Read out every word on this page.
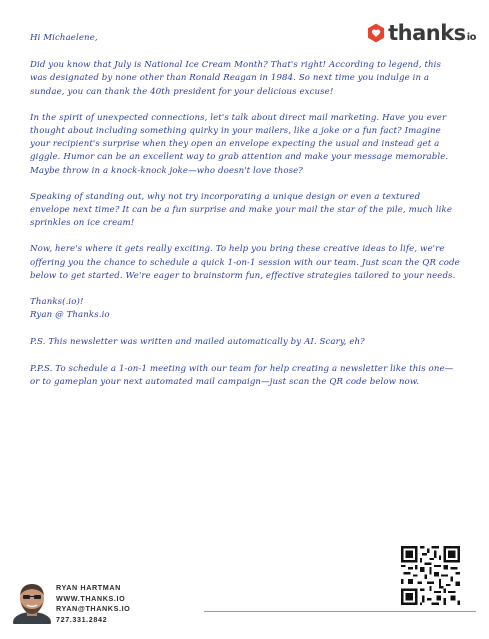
thanksio

Hi Michaelene,

Did you know that July is National Ice Cream Month? That's right! According to legend, this was designated by none other than Ronald Reagan in 1984. So next time you indulge in a sundae, you can thank the 40th president for your delicious excuse!

In the spirit of unexpected connections, let's talk about direct mail marketing. Have you ever thought about including something quirky in your mailers, like a joke or a fun fact? Imagine your recipient's surprise when they open an envelope expecting the usual and instead get a giggle. Humor can be an excellent way to grab attention and make your message memorable. Maybe throw in a knock-knock joke—who doesn't love those?

Speaking of standing out, why not try incorporating a unique design or even a textured envelope next time? It can be a fun surprise and make your mail the star of the pile, much like sprinkles on ice cream!

Now, here's where it gets really exciting. To help you bring these creative ideas to life, we're offering you the chance to schedule a quick 1-on-1 session with our team. Just scan the QR code below to get started. We're eager to brainstorm fun, effective strategies tailored to your needs.

Thanks(.io)!
Ryan @ Thanks.io

P.S. This newsletter was written and mailed automatically by AI. Scary, eh?

P.P.S. To schedule a 1-on-1 meeting with our team for help creating a newsletter like this one—or to gameplan your next automated mail campaign—just scan the QR code below now.

RYAN HARTMAN
WWW.THANKS.IO
RYAN@THANKS.IO
727.331.2842
